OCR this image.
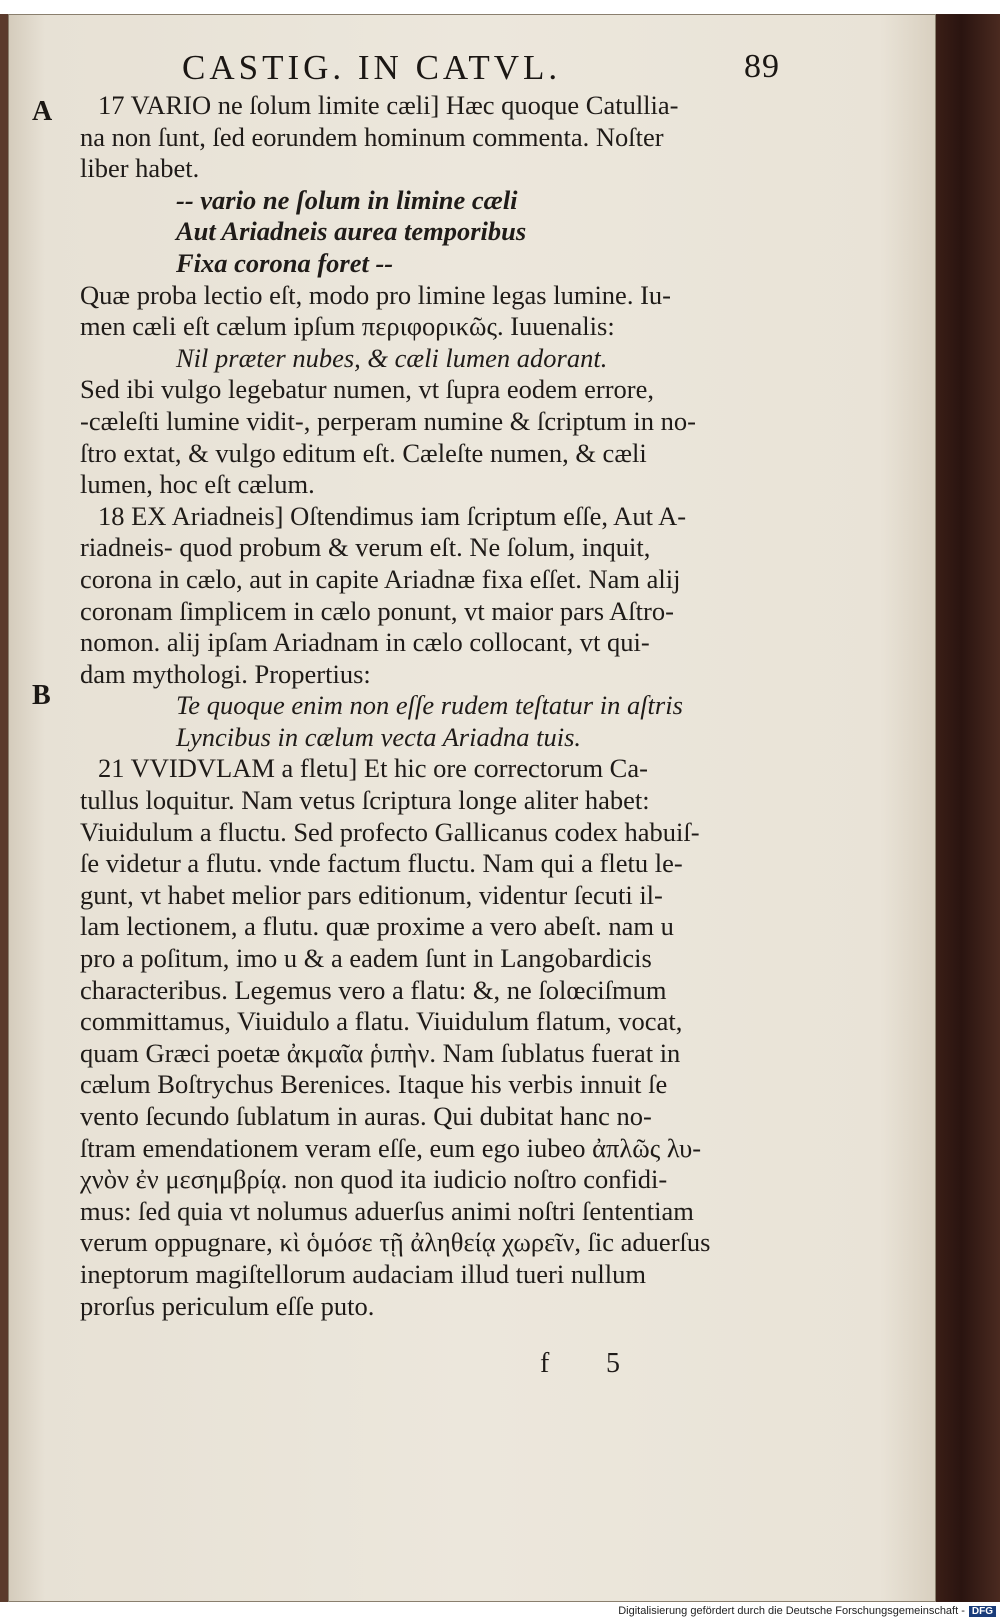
CASTIG. IN CATVL.	89
A
B
17 VARIO ne ſolum limite cæli] Hæc quoque Catullia-
na non ſunt, ſed eorundem hominum commenta. Noſter
liber habet.
-- vario ne ſolum in limine cæli
Aut Ariadneis aurea temporibus
Fixa corona foret --
Quæ proba lectio eſt, modo pro limine legas lumine. Iu-
men cæli eſt cælum ipſum περιφορικῶς. Iuuenalis:
Nil præter nubes, & cæli lumen adorant.
Sed ibi vulgo legebatur numen, vt ſupra eodem errore,
-cæleſti lumine vidit-, perperam numine & ſcriptum in no-
ſtro extat, & vulgo editum eſt. Cæleſte numen, & cæli
lumen, hoc eſt cælum.
18 EX Ariadneis] Oſtendimus iam ſcriptum eſſe, Aut A-
riadneis- quod probum & verum eſt. Ne ſolum, inquit,
corona in cælo, aut in capite Ariadnæ fixa eſſet. Nam alij
coronam ſimplicem in cælo ponunt, vt maior pars Aſtro-
nomon. alij ipſam Ariadnam in cælo collocant, vt qui-
dam mythologi. Propertius:
Te quoque enim non eſſe rudem teſtatur in aſtris
Lyncibus in cælum vecta Ariadna tuis.
21 VVIDVLAM a fletu] Et hic ore correctorum Ca-
tullus loquitur. Nam vetus ſcriptura longe aliter habet:
Viuidulum a fluctu. Sed profecto Gallicanus codex habuiſ-
ſe videtur a flutu. vnde factum fluctu. Nam qui a fletu le-
gunt, vt habet melior pars editionum, videntur ſecuti il-
lam lectionem, a flutu. quæ proxime a vero abeſt. nam u
pro a poſitum, imo u & a eadem ſunt in Langobardicis
characteribus. Legemus vero a flatu: &, ne ſolœciſmum
committamus, Viuidulo a flatu. Viuidulum flatum, vocat,
quam Græci poetæ ἀκμαῖα ῥιπὴν. Nam ſublatus fuerat in
cælum Boſtrychus Berenices. Itaque his verbis innuit ſe
vento ſecundo ſublatum in auras. Qui dubitat hanc no-
ſtram emendationem veram eſſe, eum ego iubeo ἀπλῶς λυ-
χνὸν ἐν μεσημβρίᾳ. non quod ita iudicio noſtro confidi-
mus: ſed quia vt nolumus aduerſus animi noſtri ſententiam
verum oppugnare, κὶ ὁμόσε τῇ ἀληθείᾳ χωρεῖν, ſic aduerſus
ineptorum magiſtellorum audaciam illud tueri nullum
prorſus periculum eſſe puto.
f 5
Digitalisierung gefördert durch die Deutsche Forschungsgemeinschaft - DFG
